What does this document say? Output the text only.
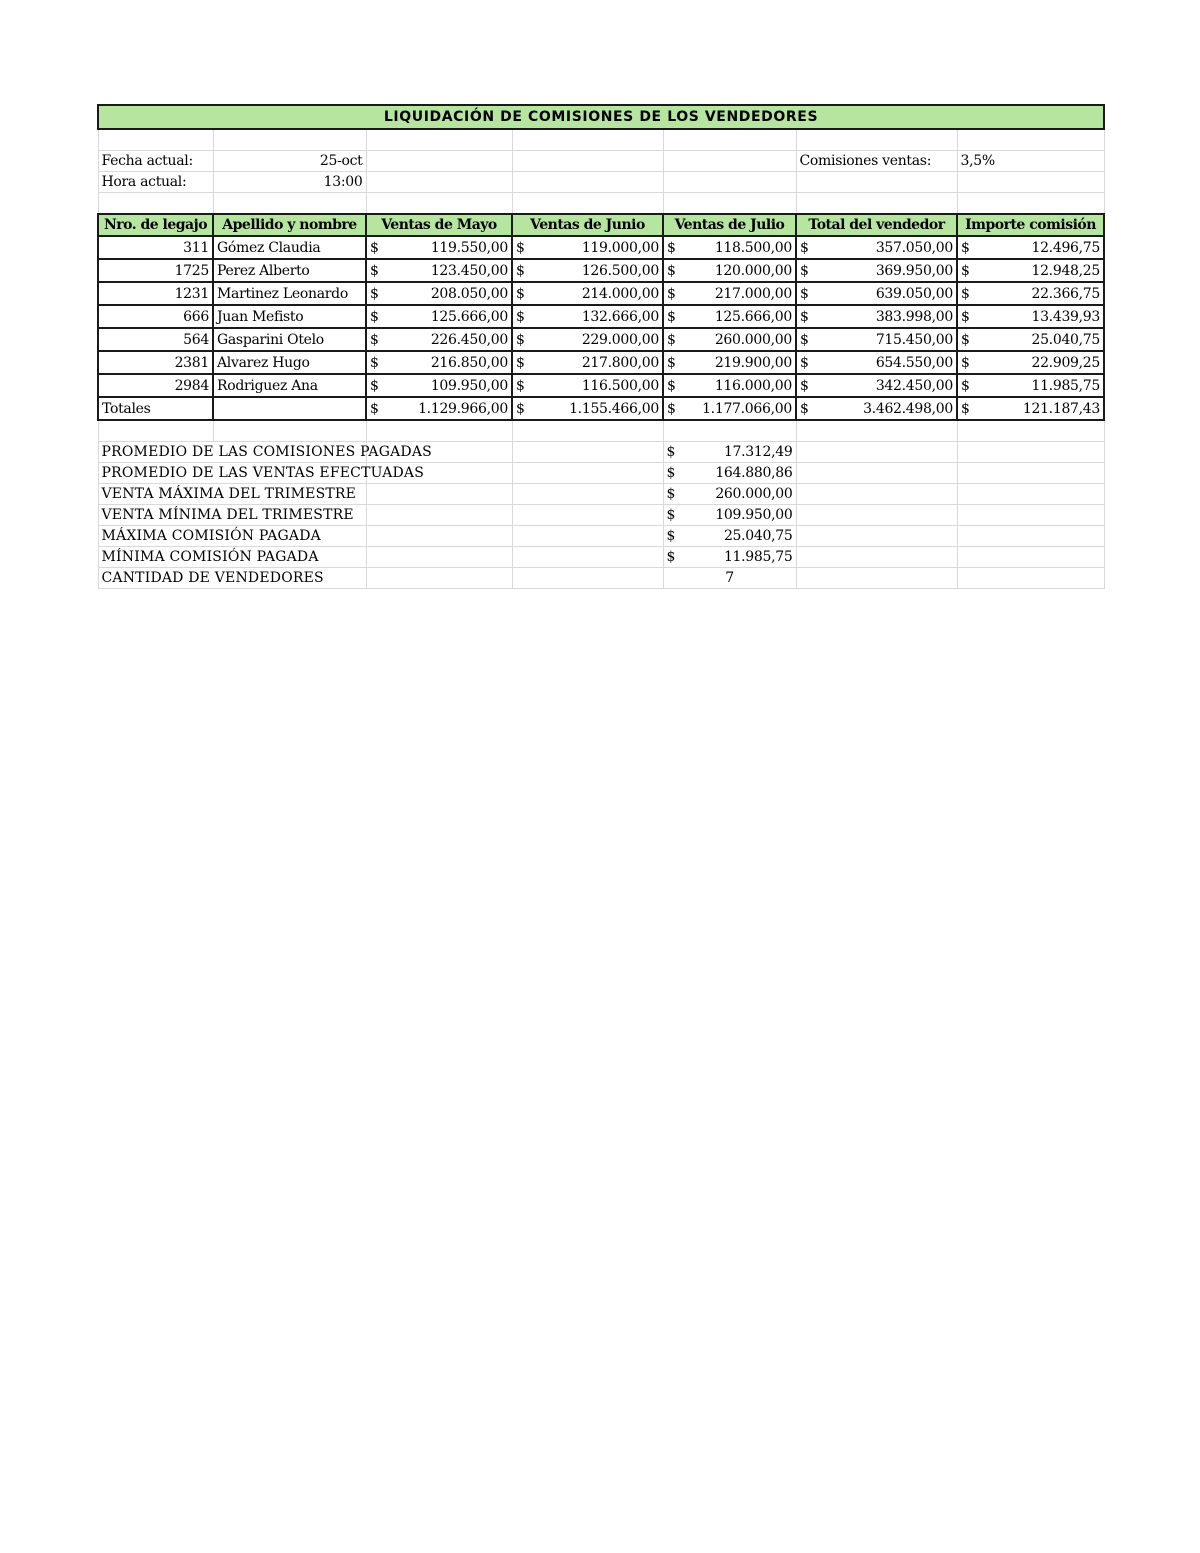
LIQUIDACIÓN DE COMISIONES DE LOS VENDEDORES						

Fecha actual:	25-oct				Comisiones ventas:	3,5%
Hora actual:	13:00					

Nro. de legajo	Apellido y nombre	Ventas de Mayo	Ventas de Junio	Ventas de Julio	Total del vendedor	Importe comisión
311	Gómez Claudia	$ 119.550,00	$ 119.000,00	$ 118.500,00	$ 357.050,00	$ 12.496,75

1725	Perez Alberto	$ 123.450,00	$ 126.500,00	$ 120.000,00	$ 369.950,00	$ 12.948,25

1231	Martinez Leonardo	$ 208.050,00	$ 214.000,00	$ 217.000,00	$ 639.050,00	$ 22.366,75

666	Juan Mefisto	$ 125.666,00	$ 132.666,00	$ 125.666,00	$ 383.998,00	$ 13.439,93

564	Gasparini Otelo	$ 226.450,00	$ 229.000,00	$ 260.000,00	$ 715.450,00	$ 25.040,75

2381	Alvarez Hugo	$ 216.850,00	$ 217.800,00	$ 219.900,00	$ 654.550,00	$ 22.909,25

2984	Rodriguez Ana	$ 109.950,00	$ 116.500,00	$ 116.000,00	$ 342.450,00	$ 11.985,75

Totales		$ 1.129.966,00	$ 1.155.466,00	$ 1.177.066,00	$ 3.462.498,00	$ 121.187,43

PROMEDIO DE LAS COMISIONES PAGADAS				$ 17.312,49		

PROMEDIO DE LAS VENTAS EFECTUADAS				$ 164.880,86		

VENTA MÁXIMA DEL TRIMESTRE				$ 260.000,00		

VENTA MÍNIMA DEL TRIMESTRE				$ 109.950,00		

MÁXIMA COMISIÓN PAGADA				$ 25.040,75		

MÍNIMA COMISIÓN PAGADA				$ 11.985,75		

CANTIDAD DE VENDEDORES				7		
